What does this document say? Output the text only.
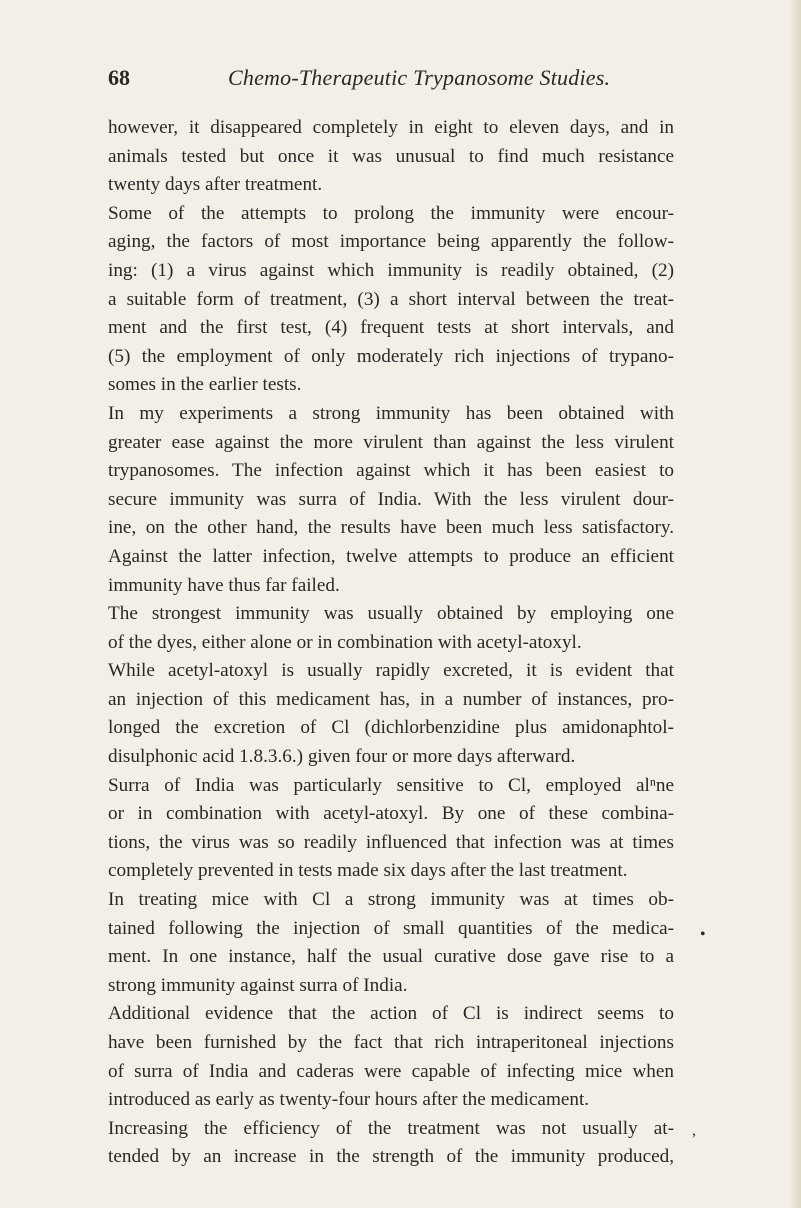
68	Chemo-Therapeutic Trypanosome Studies.
however, it disappeared completely in eight to eleven days, and in
animals tested but once it was unusual to find much resistance
twenty days after treatment.
Some of the attempts to prolong the immunity were encour-
aging, the factors of most importance being apparently the follow-
ing: (1) a virus against which immunity is readily obtained, (2)
a suitable form of treatment, (3) a short interval between the treat-
ment and the first test, (4) frequent tests at short intervals, and
(5) the employment of only moderately rich injections of trypano-
somes in the earlier tests.
In my experiments a strong immunity has been obtained with
greater ease against the more virulent than against the less virulent
trypanosomes. The infection against which it has been easiest to
secure immunity was surra of India. With the less virulent dour-
ine, on the other hand, the results have been much less satisfactory.
Against the latter infection, twelve attempts to produce an efficient
immunity have thus far failed.
The strongest immunity was usually obtained by employing one
of the dyes, either alone or in combination with acetyl-atoxyl.
While acetyl-atoxyl is usually rapidly excreted, it is evident that
an injection of this medicament has, in a number of instances, pro-
longed the excretion of Cl (dichlorbenzidine plus amidonaphtol-
disulphonic acid 1.8.3.6.) given four or more days afterward.
Surra of India was particularly sensitive to Cl, employed alⁿne
or in combination with acetyl-atoxyl. By one of these combina-
tions, the virus was so readily influenced that infection was at times
completely prevented in tests made six days after the last treatment.
In treating mice with Cl a strong immunity was at times ob-
tained following the injection of small quantities of the medica-
ment. In one instance, half the usual curative dose gave rise to a
strong immunity against surra of India.
Additional evidence that the action of Cl is indirect seems to
have been furnished by the fact that rich intraperitoneal injections
of surra of India and caderas were capable of infecting mice when
introduced as early as twenty-four hours after the medicament.
Increasing the efficiency of the treatment was not usually at-
tended by an increase in the strength of the immunity produced,
•
,
